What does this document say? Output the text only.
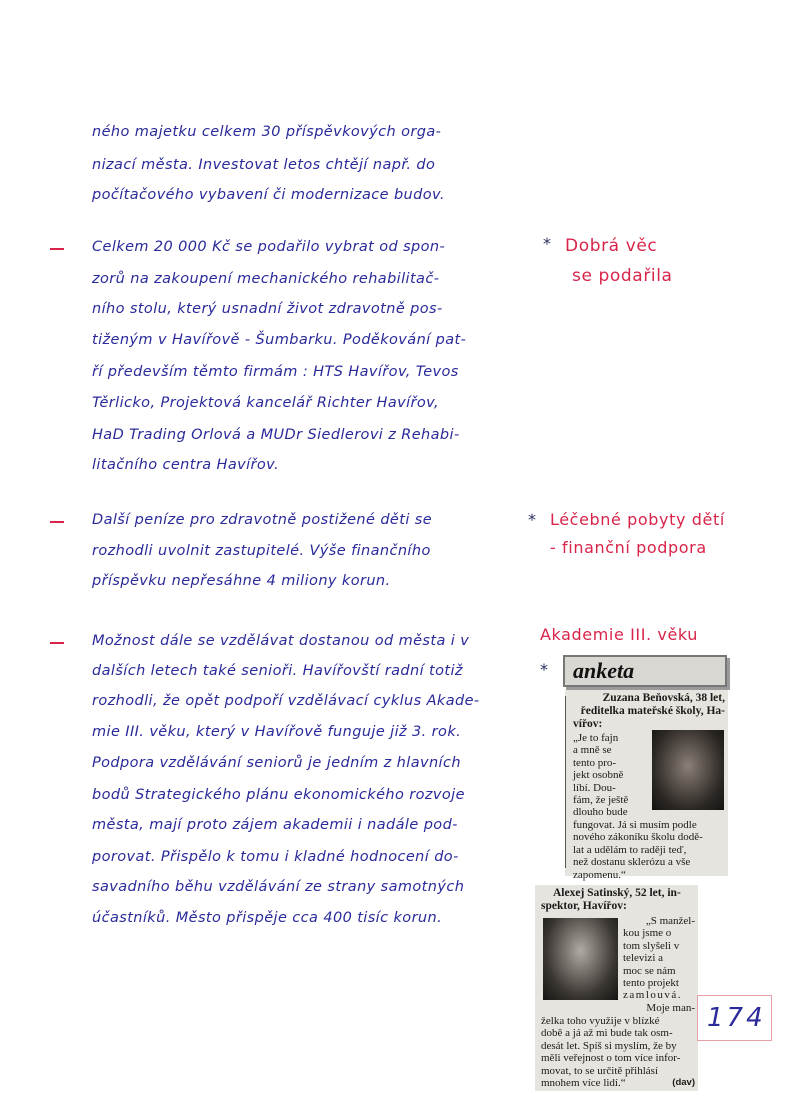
ného majetku celkem 30 příspěvkových orga-
nizací města. Investovat letos chtějí např. do
počítačového vybavení či modernizace budov.
Celkem 20 000 Kč se podařilo vybrat od spon-
zorů na zakoupení mechanického rehabilitač-
ního stolu, který usnadní život zdravotně pos-
tiženým v Havířově - Šumbarku. Poděkování pat-
ří především těmto firmám : HTS Havířov, Tevos
Těrlicko, Projektová kancelář Richter Havířov,
HaD Trading Orlová a MUDr Siedlerovi z Rehabi-
litačního centra Havířov.
* Dobrá věc
se podařila
Další peníze pro zdravotně postižené děti se
rozhodli uvolnit zastupitelé. Výše finančního
příspěvku nepřesáhne 4 miliony korun.
* Léčebné pobyty dětí
- finanční podpora
Možnost dále se vzdělávat dostanou od města i v
dalších letech také senioři. Havířovští radní totiž
rozhodli, že opět podpoří vzdělávací cyklus Akade-
mie III. věku, který v Havířově funguje již 3. rok.
Podpora vzdělávání seniorů je jedním z hlavních
bodů Strategického plánu ekonomického rozvoje
města, mají proto zájem akademii i nadále pod-
porovat. Přispělo k tomu i kladné hodnocení do-
savadního běhu vzdělávání ze strany samotných
účastníků. Město přispěje cca 400 tisíc korun.
Akademie III. věku
* anketa
Zuzana Beňovská, 38 let,
ředitelka mateřské školy, Ha-
vířov:
„Je to fajn
a mně se
tento pro-
jekt osobně
líbí. Dou-
fám, že ještě
dlouho bude
fungovat. Já si musím podle
nového zákoníku školu dodě-
lat a udělám to raději teď,
než dostanu sklerózu a vše
zapomenu.“
Alexej Satinský, 52 let, in-
spektor, Havířov:
„S manžel-
kou jsme o
tom slyšeli v
televizi a
moc se nám
tento projekt
zamlouvá.
Moje man-
želka toho využije v blízké
době a já až mi bude tak osm-
desát let. Spíš si myslím, že by
měli veřejnost o tom více infor-
movat, to se určitě přihlásí
mnohem více lidí.“	(dav)
174
